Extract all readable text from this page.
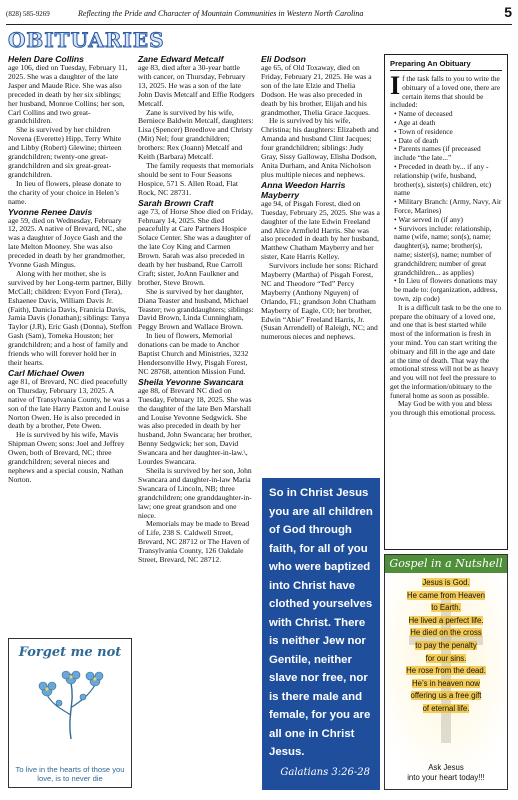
(828) 585-9269	Reflecting the Pride and Character of Mountain Communities in Western North Carolina	5
OBITUARIES
Helen Dare Collins

age 106, died on Tuesday, February 11, 2025. She was a daughter of the late Jasper and Maude Rice. She was also preceded in death by her six siblings; her husband, Monroe Collins; her son, Carl Collins and two great-grandchildren.

She is survived by her children Novena (Everette) Hipp, Terry White and Libby (Robert) Glewine; thirteen grandchildren; twenty-one great-grandchildren and six great-great-grandchildren.

In lieu of flowers, please donate to the charity of your choice in Helen’s name.

Yvonne Renee Davis

age 59, died on Wednesday, February 12, 2025. A native of Brevard, NC, she was a daughter of Joyce Gash and the late Melton Mooney. She was also preceded in death by her grandmother, Yvonne Gash Mingus.

Along with her mother, she is survived by her Long-term partner, Billy McCall; children: Evyon Ford (Tera), Eshaenee Davis, William Davis Jr. (Faith), Danicia Davis, Franicia Davis, Jamia Davis (Jonathan); siblings: Tanya Taylor (J.R), Eric Gash (Donna), Steffon Gash (Sam), Tomeka Houston; her grandchildren; and a host of family and friends who will forever hold her in their hearts.

Carl Michael Owen

age 81, of Brevard, NC died peacefully on Thursday, February 13, 2025. A native of Transylvania County, he was a son of the late Harry Paxton and Louise Norton Owen. He is also preceded in death by a brother, Pete Owen.

He is survived by his wife, Mavis Shipman Owen; sons: Joel and Jeffrey Owen, both of Brevard, NC; three grandchildren; several nieces and nephews and a special cousin, Nathan Norton.

Forget me not
To live in the hearts of those you love, is to never die
Zane Edward Metcalf

age 83, died after a 30-year battle with cancer, on Thursday, February 13, 2025. He was a son of the late John Davis Metcalf and Effie Rodgers Metcalf.

Zane is survived by his wife, Berniece Baldwin Metcalf, daughters: Lisa (Spencer) Breedlove and Christy (Mit) Nel; four grandchildren; brothers: Rex (Joann) Metcalf and Keith (Barbara) Metcalf.

The family requests that memorials should be sent to Four Seasons Hospice, 571 S. Allen Road, Flat Rock, NC 28731.

Sarah Brown Craft

age 73, of Horse Shoe died on Friday, February 14, 2025. She died peacefully at Care Partners Hospice Solace Center. She was a daughter of the late Coy King and Carmen Brown. Sarah was also preceded in death by her husband, Rue Carroll Craft; sister, JoAnn Faulkner and brother, Steve Brown.

She is survived by her daughter, Diana Teaster and husband, Michael Teaster; two granddaughters; siblings: David Brown, Linda Cunningham, Peggy Brown and Wallace Brown.

In lieu of flowers, Memorial donations can be made to Anchor Baptist Church and Ministries, 3232 Hendersonville Hwy, Pisgah Forest, NC 28768, attention Mission Fund.

Sheila Yevonne Swancara

age 88, of Brevard NC died on Tuesday, February 18, 2025. She was the daughter of the late Ben Marshall and Louise Yevonne Sedgwick. She was also preceded in death by her husband, John Swancara; her brother, Benny Sedgwick; her son, David Swancara and her daughter-in-law.\, Lourdes Swancara.

Sheila is survived by her son, John Swancara and daughter-in-law Maria Swancara of Lincoln, NB; three grandchildren; one granddaughter-in-law; one great grandson and one niece.

Memorials may be made to Bread of Life, 238 S. Caldwell Street, Brevard, NC 28712 or The Haven of Transylvania County, 126 Oakdale Street, Brevard, NC 28712.

Eli Dodson

age 65, of Old Toxaway, died on Friday, February 21, 2025. He was a son of the late Elzie and Thelia Dodson. He was also preceded in death by his brother, Elijah and his grandmother, Thelia Grace Jacques.

He is survived by his wife, Christina; his daughters: Elizabeth and Amanda and husband Clint Jacques; four grandchildren; siblings: Judy Gray, Sissy Galloway, Elisha Dodson, Anita Durham, and Anita Nicholson plus multiple nieces and nephews.

Anna Weedon Harris Mayberry

age 94, of Pisgah Forest, died on Tuesday, February 25, 2025. She was a daughter of the late Edwin Freeland and Alice Armfield Harris. She was also preceded in death by her husband, Matthew Chatham Mayberry and her sister, Kate Harris Kelley.

Survivors include her sons: Richard Mayberry (Martha) of Pisgah Forest, NC and Theodore “Ted” Percy Mayberry (Anthony Nguyen) of Orlando, FL; grandson John Chatham Mayberry of Eagle, CO; her brother, Edwin “Abie” Freeland Harris, Jr. (Susan Arrendell) of Raleigh, NC; and numerous nieces and nephews.

So in Christ Jesus you are all children of God through faith, for all of you who were baptized into Christ have clothed yourselves with Christ. There is neither Jew nor Gentile, neither slave nor free, nor is there male and female, for you are all one in Christ Jesus.
Galatians 3:26-28
Preparing An Obituary

If the task falls to you to write the obituary of a loved one, there are certain items that should be included:

• Name of deceased
• Age at death
• Town of residence
• Date of death
• Parents names (if preceased include “the late...”
• Preceded in death by... if any - relationship (wife, husband, brother(s), sister(s) children, etc) name
• Military Branch: (Army, Navy, Air Force, Marines)
• War served in (if any)
• Survivors include: relationship, name (wife, name; son(s), name; daughter(s), name; brother(s), name; sister(s), name; number of grandchildren; number of great grandchildren... as applies)
• In Lieu of flowers donations may be made to: (organization, address, town, zip code)

It is a difficult task to be the one to prepare the obituary of a loved one, and one that is best started while most of the information is fresh in your mind. You can start writing the obituary and fill in the age and date at the time of death. That way the emotional stress will not be as heavy and you will not feel the pressure to get the information/obituary to the funeral home as soon as possible.

May God be with you and bless you through this emotional process.

Gospel in a Nutshell
Jesus is God.
He came from Heaven
to Earth.
He lived a perfect life.
He died on the cross
to pay the penalty
for our sins.
He rose from the dead.
He’s in heaven now
offering us a free gift
of eternal life.
Ask Jesus
into your heart today!!!
